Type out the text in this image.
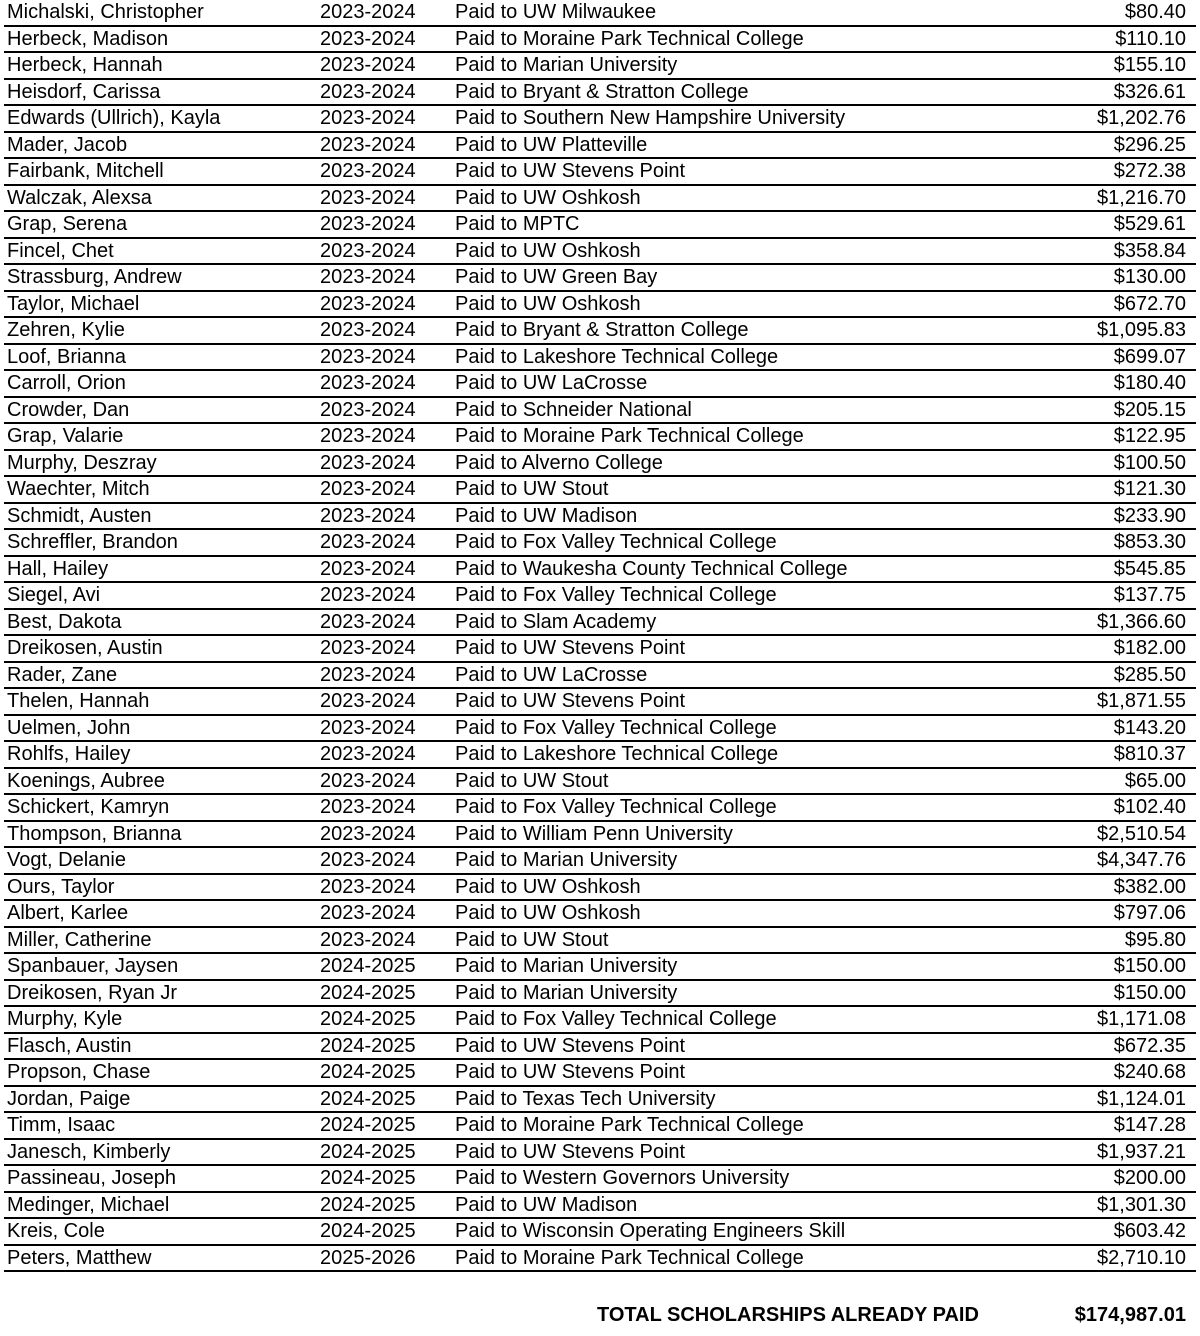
Michalski, Christopher	2023-2024	Paid to UW Milwaukee	$80.40
Herbeck, Madison	2023-2024	Paid to Moraine Park Technical College	$110.10
Herbeck, Hannah	2023-2024	Paid to Marian University	$155.10
Heisdorf, Carissa	2023-2024	Paid to Bryant & Stratton College	$326.61
Edwards (Ullrich), Kayla	2023-2024	Paid to Southern New Hampshire University	$1,202.76
Mader, Jacob	2023-2024	Paid to UW Platteville	$296.25
Fairbank, Mitchell	2023-2024	Paid to UW Stevens Point	$272.38
Walczak, Alexsa	2023-2024	Paid to UW Oshkosh	$1,216.70
Grap, Serena	2023-2024	Paid to MPTC	$529.61
Fincel, Chet	2023-2024	Paid to UW Oshkosh	$358.84
Strassburg, Andrew	2023-2024	Paid to UW Green Bay	$130.00
Taylor, Michael	2023-2024	Paid to UW Oshkosh	$672.70
Zehren, Kylie	2023-2024	Paid to Bryant & Stratton College	$1,095.83
Loof, Brianna	2023-2024	Paid to Lakeshore Technical College	$699.07
Carroll, Orion	2023-2024	Paid to UW LaCrosse	$180.40
Crowder, Dan	2023-2024	Paid to Schneider National	$205.15
Grap, Valarie	2023-2024	Paid to Moraine Park Technical College	$122.95
Murphy, Deszray	2023-2024	Paid to Alverno College	$100.50
Waechter, Mitch	2023-2024	Paid to UW Stout	$121.30
Schmidt, Austen	2023-2024	Paid to UW Madison	$233.90
Schreffler, Brandon	2023-2024	Paid to Fox Valley Technical College	$853.30
Hall, Hailey	2023-2024	Paid to Waukesha County Technical College	$545.85
Siegel, Avi	2023-2024	Paid to Fox Valley Technical College	$137.75
Best, Dakota	2023-2024	Paid to Slam Academy	$1,366.60
Dreikosen, Austin	2023-2024	Paid to UW Stevens Point	$182.00
Rader, Zane	2023-2024	Paid to UW LaCrosse	$285.50
Thelen, Hannah	2023-2024	Paid to UW Stevens Point	$1,871.55
Uelmen, John	2023-2024	Paid to Fox Valley Technical College	$143.20
Rohlfs, Hailey	2023-2024	Paid to Lakeshore Technical College	$810.37
Koenings, Aubree	2023-2024	Paid to UW Stout	$65.00
Schickert, Kamryn	2023-2024	Paid to Fox Valley Technical College	$102.40
Thompson, Brianna	2023-2024	Paid to William Penn University	$2,510.54
Vogt, Delanie	2023-2024	Paid to Marian University	$4,347.76
Ours, Taylor	2023-2024	Paid to UW Oshkosh	$382.00
Albert, Karlee	2023-2024	Paid to UW Oshkosh	$797.06
Miller, Catherine	2023-2024	Paid to UW Stout	$95.80
Spanbauer, Jaysen	2024-2025	Paid to Marian University	$150.00
Dreikosen, Ryan Jr	2024-2025	Paid to Marian University	$150.00
Murphy, Kyle	2024-2025	Paid to Fox Valley Technical College	$1,171.08
Flasch, Austin	2024-2025	Paid to UW Stevens Point	$672.35
Propson, Chase	2024-2025	Paid to UW Stevens Point	$240.68
Jordan, Paige	2024-2025	Paid to Texas Tech University	$1,124.01
Timm, Isaac	2024-2025	Paid to Moraine Park Technical College	$147.28
Janesch, Kimberly	2024-2025	Paid to UW Stevens Point	$1,937.21
Passineau, Joseph	2024-2025	Paid to Western Governors University	$200.00
Medinger, Michael	2024-2025	Paid to UW Madison	$1,301.30
Kreis, Cole	2024-2025	Paid to Wisconsin Operating Engineers Skill	$603.42
Peters, Matthew	2025-2026	Paid to Moraine Park Technical College	$2,710.10
TOTAL SCHOLARSHIPS ALREADY PAID	$174,987.01
